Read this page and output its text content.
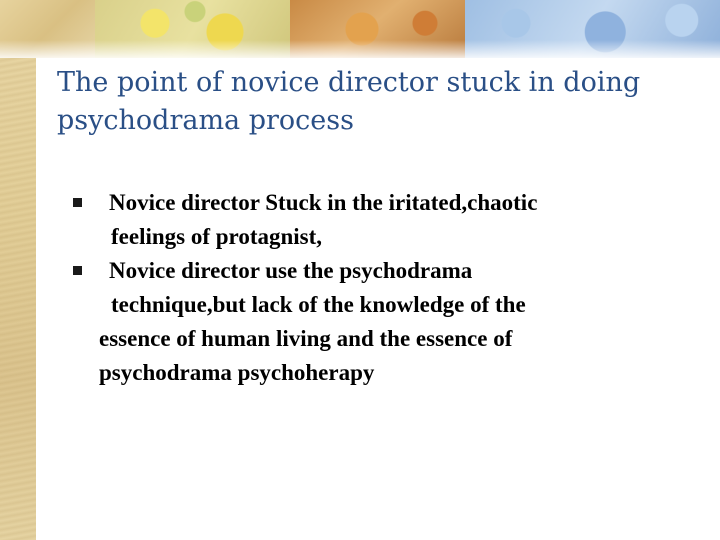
The point of novice director stuck in doing psychodrama process
Novice director Stuck in the iritated,chaotic
feelings of protagnist,
Novice director use the psychodrama
technique,but lack of the knowledge of the
essence of human living and the essence of
psychodrama psychoherapy
